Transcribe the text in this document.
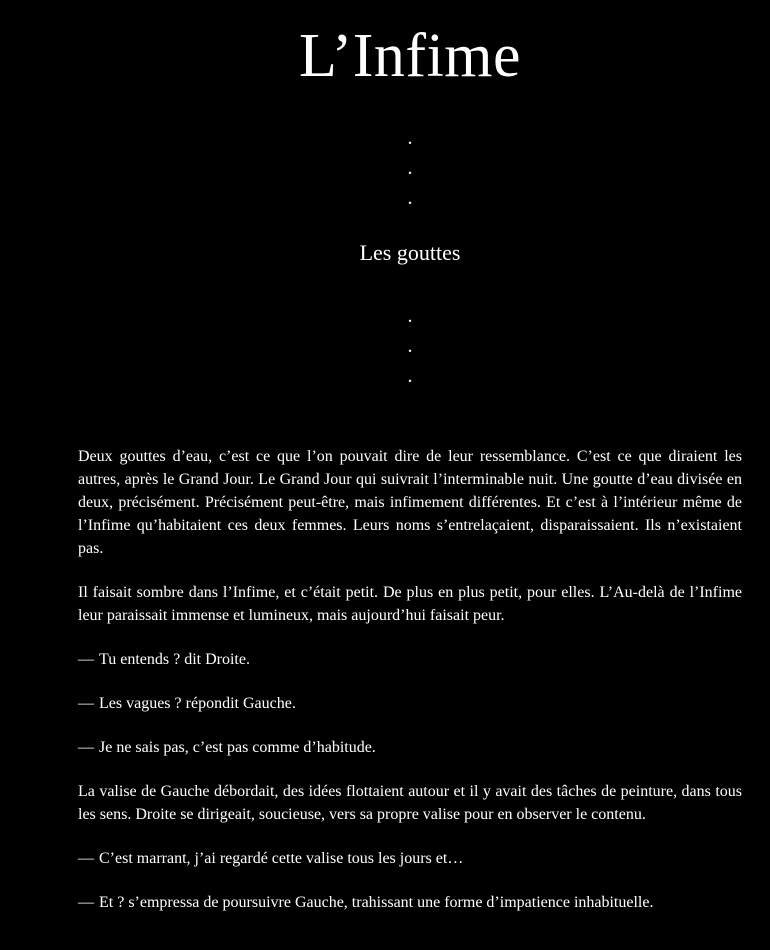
L’Infime
.
.
.
Les gouttes
.
.
.

Deux gouttes d’eau, c’est ce que l’on pouvait dire de leur ressemblance. C’est ce que diraient les autres, après le Grand Jour. Le Grand Jour qui suivrait l’interminable nuit. Une goutte d’eau divisée en deux, précisément. Précisément peut-être, mais infimement différentes. Et c’est à l’intérieur même de l’Infime qu’habitaient ces deux femmes. Leurs noms s’entrelaçaient, disparaissaient. Ils n’existaient pas.

Il faisait sombre dans l’Infime, et c’était petit. De plus en plus petit, pour elles. L’Au-delà de l’Infime leur paraissait immense et lumineux, mais aujourd’hui faisait peur.

— Tu entends ? dit Droite.

— Les vagues ? répondit Gauche.

— Je ne sais pas, c’est pas comme d’habitude.

La valise de Gauche débordait, des idées flottaient autour et il y avait des tâches de peinture, dans tous les sens. Droite se dirigeait, soucieuse, vers sa propre valise pour en observer le contenu.

— C’est marrant, j’ai regardé cette valise tous les jours et…

— Et ? s’empressa de poursuivre Gauche, trahissant une forme d’impatience inhabituelle.
